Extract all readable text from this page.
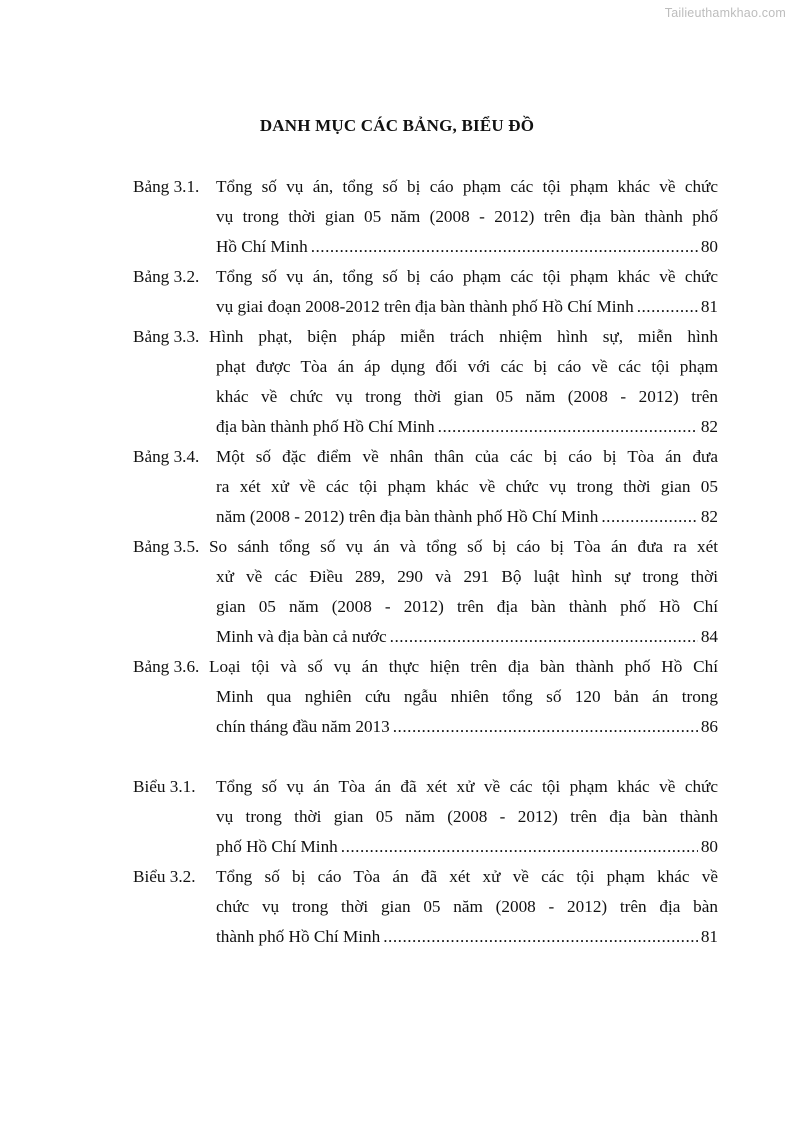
Tailieuthamkhao.com
DANH MỤC CÁC BẢNG, BIỂU ĐỒ
Bảng 3.1. Tổng số vụ án, tổng số bị cáo phạm các tội phạm khác về chức
vụ trong thời gian 05 năm (2008 - 2012) trên địa bàn thành phố
Hồ Chí Minh .....	80
Bảng 3.2. Tổng số vụ án, tổng số bị cáo phạm các tội phạm khác về chức
vụ giai đoạn 2008-2012 trên địa bàn thành phố Hồ Chí Minh .....	81
Bảng 3.3. Hình phạt, biện pháp miễn trách nhiệm hình sự, miễn hình
phạt được Tòa án áp dụng đối với các bị cáo về các tội phạm
khác về chức vụ trong thời gian 05 năm (2008 - 2012) trên
địa bàn thành phố Hồ Chí Minh .....	82
Bảng 3.4. Một số đặc điểm về nhân thân của các bị cáo bị Tòa án đưa
ra xét xử về các tội phạm khác về chức vụ trong thời gian 05
năm (2008 - 2012) trên địa bàn thành phố Hồ Chí Minh .....	82
Bảng 3.5. So sánh tổng số vụ án và tổng số bị cáo bị Tòa án đưa ra xét
xử về các Điều 289, 290 và 291 Bộ luật hình sự trong thời
gian 05 năm (2008 - 2012) trên địa bàn thành phố Hồ Chí
Minh và địa bàn cả nước .....	84
Bảng 3.6. Loại tội và số vụ án thực hiện trên địa bàn thành phố Hồ Chí
Minh qua nghiên cứu ngẫu nhiên tổng số 120 bản án trong
chín tháng đầu năm 2013 .....	86
Biểu 3.1. Tổng số vụ án Tòa án đã xét xử về các tội phạm khác về chức
vụ trong thời gian 05 năm (2008 - 2012) trên địa bàn thành
phố Hồ Chí Minh .....	80
Biểu 3.2. Tổng số bị cáo Tòa án đã xét xử về các tội phạm khác về
chức vụ trong thời gian 05 năm (2008 - 2012) trên địa bàn
thành phố Hồ Chí Minh .....	81
